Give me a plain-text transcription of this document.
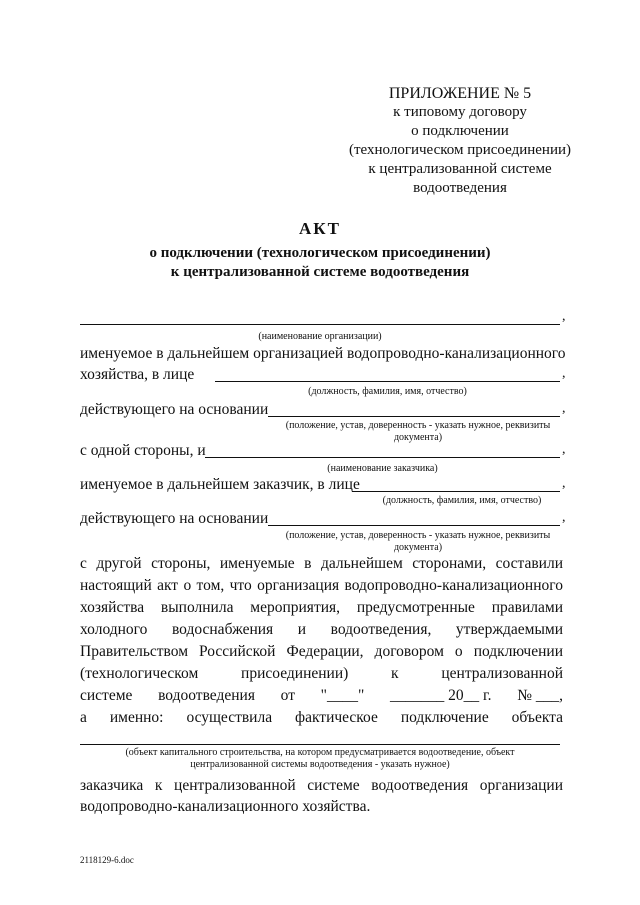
ПРИЛОЖЕНИЕ № 5
к типовому договору
о подключении
(технологическом присоединении)
к централизованной системе
водоотведения
АКТ
о подключении (технологическом присоединении)
к централизованной системе водоотведения
,
(наименование организации)
именуемое в дальнейшем организацией водопроводно-канализационного
хозяйства, в лице	,
(должность, фамилия, имя, отчество)
действующего на основании	,
(положение, устав, доверенность - указать нужное, реквизиты
документа)
с одной стороны, и	,
(наименование заказчика)
именуемое в дальнейшем заказчик, в лице	,
(должность, фамилия, имя, отчество)
действующего на основании	,
(положение, устав, доверенность - указать нужное, реквизиты
документа)
с другой стороны, именуемые в дальнейшем сторонами, составили
настоящий акт о том, что организация водопроводно-канализационного
хозяйства выполнила мероприятия, предусмотренные правилами
холодного водоснабжения и водоотведения, утверждаемыми
Правительством Российской Федерации, договором о подключении
(технологическом присоединении) к централизованной
системе водоотведения от "____" _______ 20__ г. № ___,
а именно: осуществила фактическое подключение объекта
(объект капитального строительства, на котором предусматривается водоотведение, объект
централизованной системы водоотведения - указать нужное)
заказчика к централизованной системе водоотведения организации
водопроводно-канализационного хозяйства.
2118129-6.doc
